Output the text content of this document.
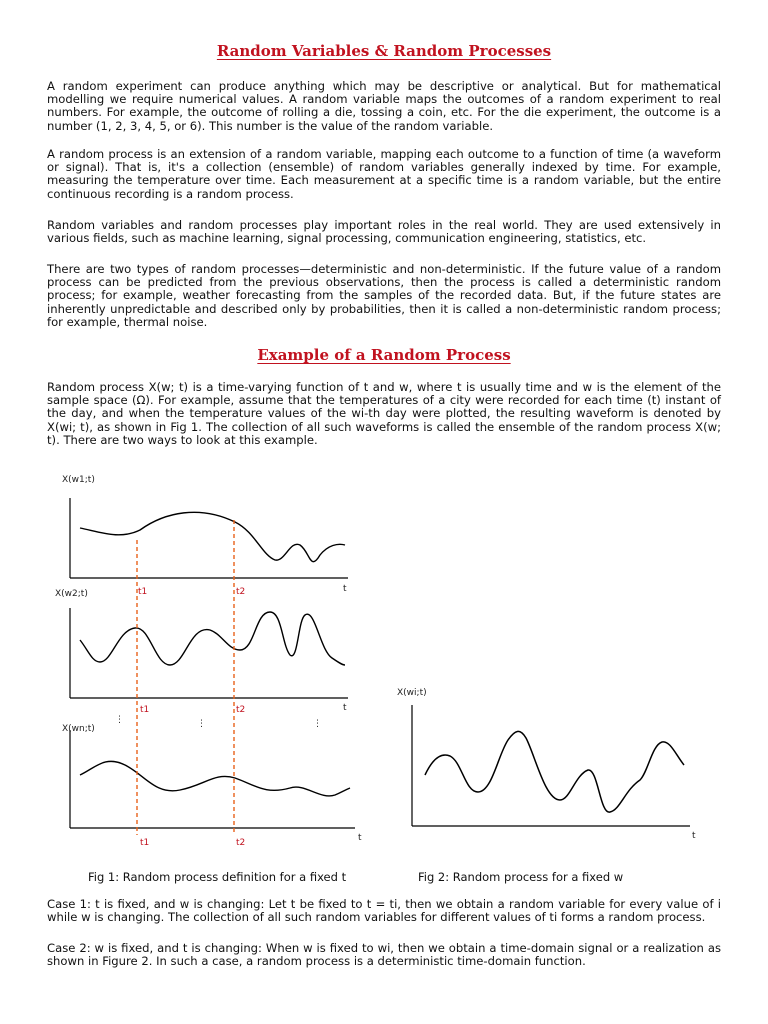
Random Variables & Random Processes

A random experiment can produce anything which may be descriptive or analytical. But for mathematical modelling we require numerical values. A random variable maps the outcomes of a random experiment to real numbers. For example, the outcome of rolling a die, tossing a coin, etc. For the die experiment, the outcome is a number (1, 2, 3, 4, 5, or 6). This number is the value of the random variable.

A random process is an extension of a random variable, mapping each outcome to a function of time (a waveform or signal). That is, it's a collection (ensemble) of random variables generally indexed by time. For example, measuring the temperature over time. Each measurement at a specific time is a random variable, but the entire continuous recording is a random process.

Random variables and random processes play important roles in the real world. They are used extensively in various fields, such as machine learning, signal processing, communication engineering, statistics, etc.

There are two types of random processes—deterministic and non-deterministic. If the future value of a random process can be predicted from the previous observations, then the process is called a deterministic random process; for example, weather forecasting from the samples of the recorded data. But, if the future states are inherently unpredictable and described only by probabilities, then it is called a non-deterministic random process; for example, thermal noise.

Example of a Random Process

Random process X(w; t) is a time-varying function of t and w, where t is usually time and w is the element of the sample space (Ω). For example, assume that the temperatures of a city were recorded for each time (t) instant of the day, and when the temperature values of the wi-th day were plotted, the resulting waveform is denoted by X(wi; t), as shown in Fig 1. The collection of all such waveforms is called the ensemble of the random process X(w; t). There are two ways to look at this example.

X(w1;t)
t
X(w2;t)
t
X(wn;t)
t
t1	t2
t1	t2
t1	t2
⋮	⋮	⋮
X(wi;t)
t
Fig 1: Random process definition for a fixed t	Fig 2: Random process for a fixed w

Case 1: t is fixed, and w is changing: Let t be fixed to t = ti, then we obtain a random variable for every value of i while w is changing. The collection of all such random variables for different values of ti forms a random process.

Case 2: w is fixed, and t is changing: When w is fixed to wi, then we obtain a time-domain signal or a realization as shown in Figure 2. In such a case, a random process is a deterministic time-domain function.
